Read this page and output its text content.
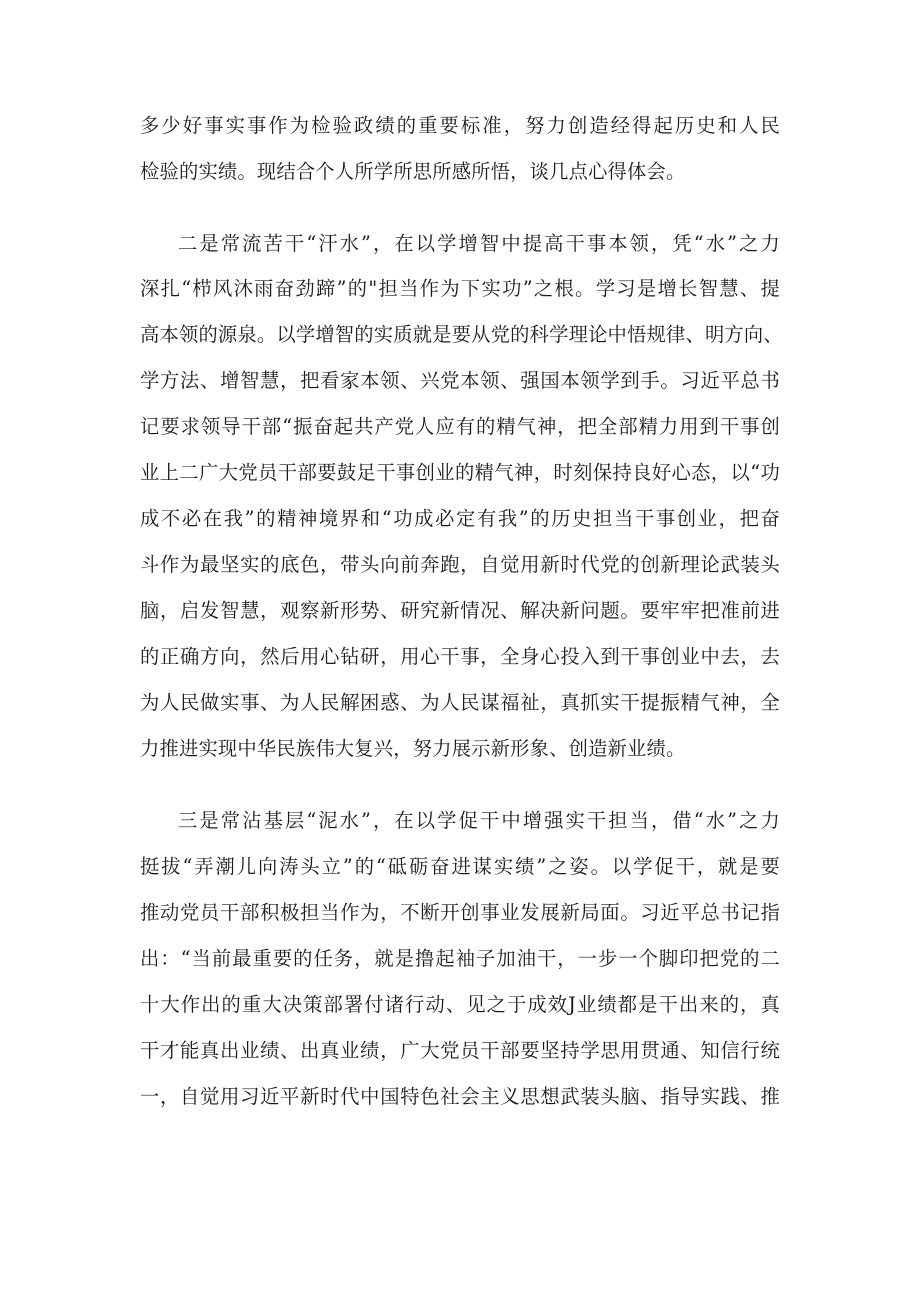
多少好事实事作为检验政绩的重要标准，努力创造经得起历史和人民
检验的实绩。现结合个人所学所思所感所悟，谈几点心得体会。
二是常流苦干“汗水”，在以学增智中提高干事本领，凭“水”之力
深扎“栉风沐雨奋劲蹄”的"担当作为下实功”之根。学习是增长智慧、提
高本领的源泉。以学增智的实质就是要从党的科学理论中悟规律、明方向、
学方法、增智慧，把看家本领、兴党本领、强国本领学到手。习近平总书
记要求领导干部“振奋起共产党人应有的精气神，把全部精力用到干事创
业上二广大党员干部要鼓足干事创业的精气神，时刻保持良好心态，以“功
成不必在我”的精神境界和“功成必定有我”的历史担当干事创业，把奋
斗作为最坚实的底色，带头向前奔跑，自觉用新时代党的创新理论武装头
脑，启发智慧，观察新形势、研究新情况、解决新问题。要牢牢把准前进
的正确方向，然后用心钻研，用心干事，全身心投入到干事创业中去，去
为人民做实事、为人民解困惑、为人民谋福祉，真抓实干提振精气神，全
力推进实现中华民族伟大复兴，努力展示新形象、创造新业绩。
三是常沾基层“泥水”，在以学促干中增强实干担当，借“水”之力
挺拔“弄潮儿向涛头立”的“砥砺奋进谋实绩”之姿。以学促干，就是要
推动党员干部积极担当作为，不断开创事业发展新局面。习近平总书记指
出：“当前最重要的任务，就是撸起袖子加油干，一步一个脚印把党的二
十大作出的重大决策部署付诸行动、见之于成效J业绩都是干出来的，真
干才能真出业绩、出真业绩，广大党员干部要坚持学思用贯通、知信行统
一，自觉用习近平新时代中国特色社会主义思想武装头脑、指导实践、推
